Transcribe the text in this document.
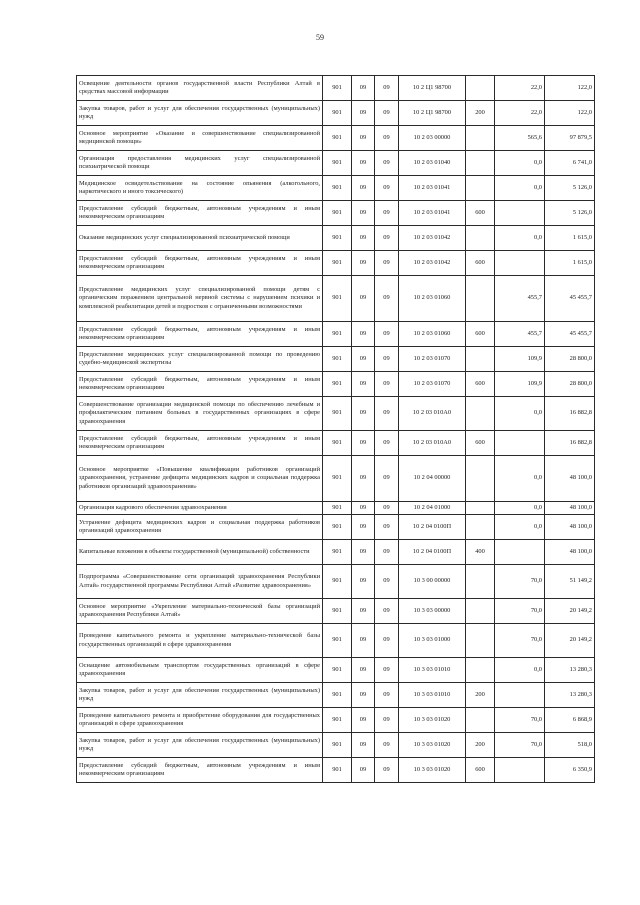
59
Освещение деятельности органов государственной власти Республики Алтай в средствах массовой информации	901	09	09	10 2 Ц1 98700		22,0	122,0
Закупка товаров, работ и услуг для обеспечения государственных (муниципальных) нужд	901	09	09	10 2 Ц1 98700	200	22,0	122,0
Основное мероприятие «Оказание и совершенствование специализированной медицинской помощи»	901	09	09	10 2 03 00000		565,6	97 879,5
Организация предоставления медицинских услуг специализированной психиатрической помощи	901	09	09	10 2 03 01040		0,0	6 741,0
Медицинское освидетельствование на состояние опьянения (алкогольного, наркотического и иного токсического)	901	09	09	10 2 03 01041		0,0	5 126,0
Предоставление субсидий бюджетным, автономным учреждениям и иным некоммерческим организациям	901	09	09	10 2 03 01041	600		5 126,0
Оказание медицинских услуг специализированной психиатрической помощи	901	09	09	10 2 03 01042		0,0	1 615,0
Предоставление субсидий бюджетным, автономным учреждениям и иным некоммерческим организациям	901	09	09	10 2 03 01042	600		1 615,0
Предоставление медицинских услуг специализированной помощи детям с органическим поражением центральной нервной системы с нарушением психики и комплексной реабилитации детей и подростков с ограниченными возможностями	901	09	09	10 2 03 01060		455,7	45 455,7
Предоставление субсидий бюджетным, автономным учреждениям и иным некоммерческим организациям	901	09	09	10 2 03 01060	600	455,7	45 455,7
Предоставление медицинских услуг специализированной помощи по проведению судебно-медицинской экспертизы	901	09	09	10 2 03 01070		109,9	28 800,0
Предоставление субсидий бюджетным, автономным учреждениям и иным некоммерческим организациям	901	09	09	10 2 03 01070	600	109,9	28 800,0
Совершенствование организации медицинской помощи по обеспечению лечебным и профилактическим питанием больных в государственных организациях в сфере здравоохранения	901	09	09	10 2 03 010А0		0,0	16 882,8
Предоставление субсидий бюджетным, автономным учреждениям и иным некоммерческим организациям	901	09	09	10 2 03 010А0	600		16 882,8
Основное мероприятие «Повышение квалификации работников организаций здравоохранения, устранение дефицита медицинских кадров и социальная поддержка работников организаций здравоохранения»	901	09	09	10 2 04 00000		0,0	48 100,0
Организация кадрового обеспечения здравоохранения	901	09	09	10 2 04 01000		0,0	48 100,0
Устранение дефицита медицинских кадров и социальная поддержка работников организаций здравоохранения	901	09	09	10 2 04 0100П		0,0	48 100,0
Капитальные вложения в объекты государственной (муниципальной) собственности	901	09	09	10 2 04 0100П	400		48 100,0
Подпрограмма «Совершенствование сети организаций здравоохранения Республики Алтай» государственной программы Республики Алтай «Развитие здравоохранения»	901	09	09	10 3 00 00000		70,0	51 149,2
Основное мероприятие «Укрепление материально-технической базы организаций здравоохранения Республики Алтай»	901	09	09	10 3 03 00000		70,0	20 149,2
Проведение капитального ремонта и укрепление материально-технической базы государственных организаций в сфере здравоохранения	901	09	09	10 3 03 01000		70,0	20 149,2
Оснащение автомобильным транспортом государственных организаций в сфере здравоохранения	901	09	09	10 3 03 01010		0,0	13 280,3
Закупка товаров, работ и услуг для обеспечения государственных (муниципальных) нужд	901	09	09	10 3 03 01010	200		13 280,3
Проведение капитального ремонта и приобретение оборудования для государственных организаций в сфере здравоохранения	901	09	09	10 3 03 01020		70,0	6 868,9
Закупка товаров, работ и услуг для обеспечения государственных (муниципальных) нужд	901	09	09	10 3 03 01020	200	70,0	518,0
Предоставление субсидий бюджетным, автономным учреждениям и иным некоммерческим организациям	901	09	09	10 3 03 01020	600		6 350,9
